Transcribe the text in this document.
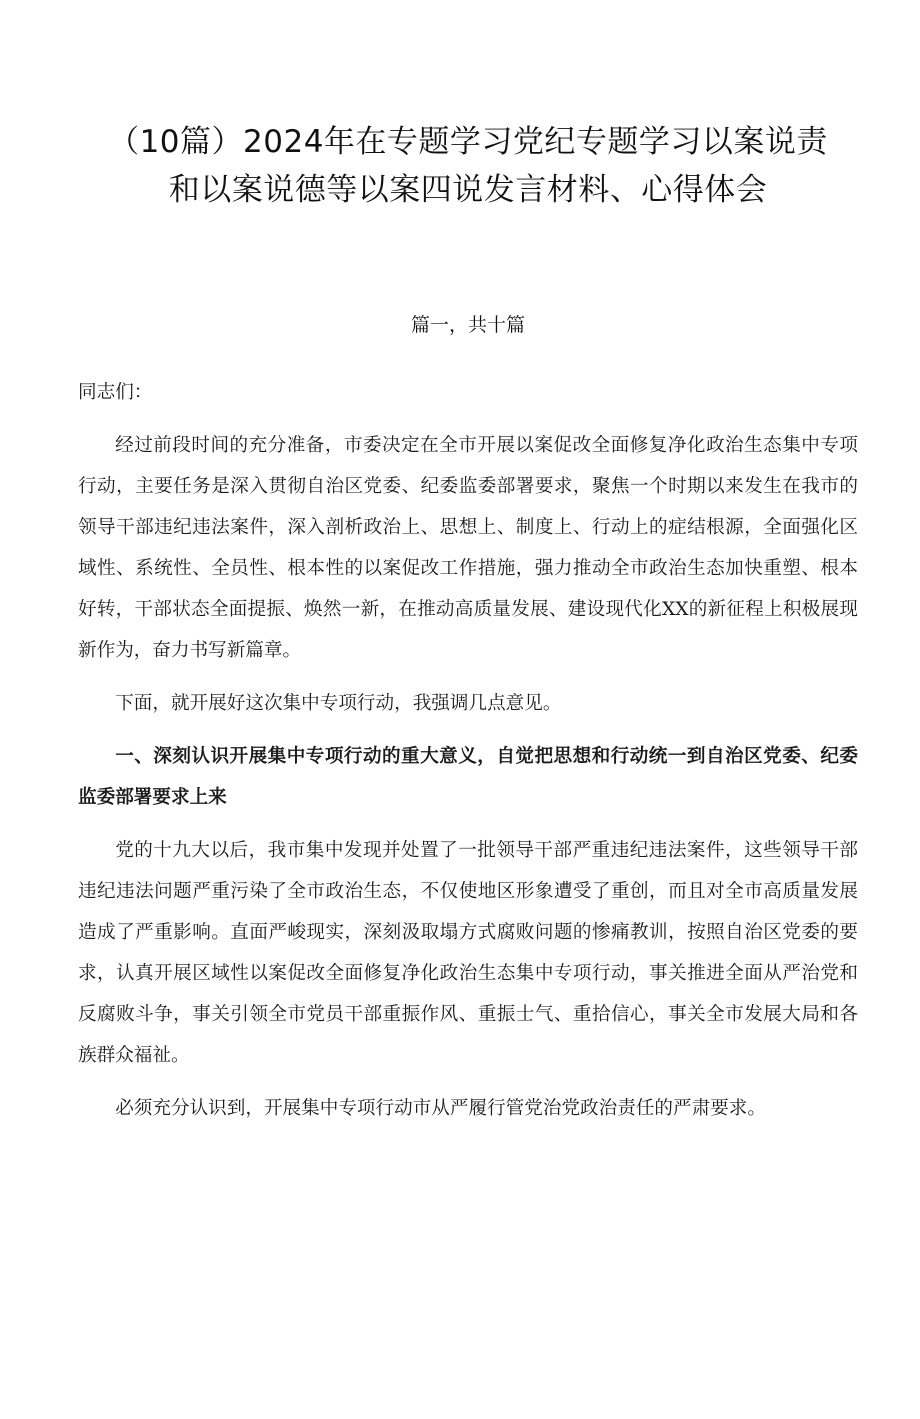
（10篇）2024年在专题学习党纪专题学习以案说责
和以案说德等以案四说发言材料、心得体会
篇一，共十篇

同志们：

经过前段时间的充分准备，市委决定在全市开展以案促改全面修复净化政治生态集中专项行动，主要任务是深入贯彻自治区党委、纪委监委部署要求，聚焦一个时期以来发生在我市的领导干部违纪违法案件，深入剖析政治上、思想上、制度上、行动上的症结根源，全面强化区域性、系统性、全员性、根本性的以案促改工作措施，强力推动全市政治生态加快重塑、根本好转，干部状态全面提振、焕然一新，在推动高质量发展、建设现代化XX的新征程上积极展现新作为，奋力书写新篇章。

下面，就开展好这次集中专项行动，我强调几点意见。

一、深刻认识开展集中专项行动的重大意义，自觉把思想和行动统一到自治区党委、纪委监委部署要求上来

党的十九大以后，我市集中发现并处置了一批领导干部严重违纪违法案件，这些领导干部违纪违法问题严重污染了全市政治生态，不仅使地区形象遭受了重创，而且对全市高质量发展造成了严重影响。直面严峻现实，深刻汲取塌方式腐败问题的惨痛教训，按照自治区党委的要求，认真开展区域性以案促改全面修复净化政治生态集中专项行动，事关推进全面从严治党和反腐败斗争，事关引领全市党员干部重振作风、重振士气、重拾信心，事关全市发展大局和各族群众福祉。

必须充分认识到，开展集中专项行动市从严履行管党治党政治责任的严肃要求。
